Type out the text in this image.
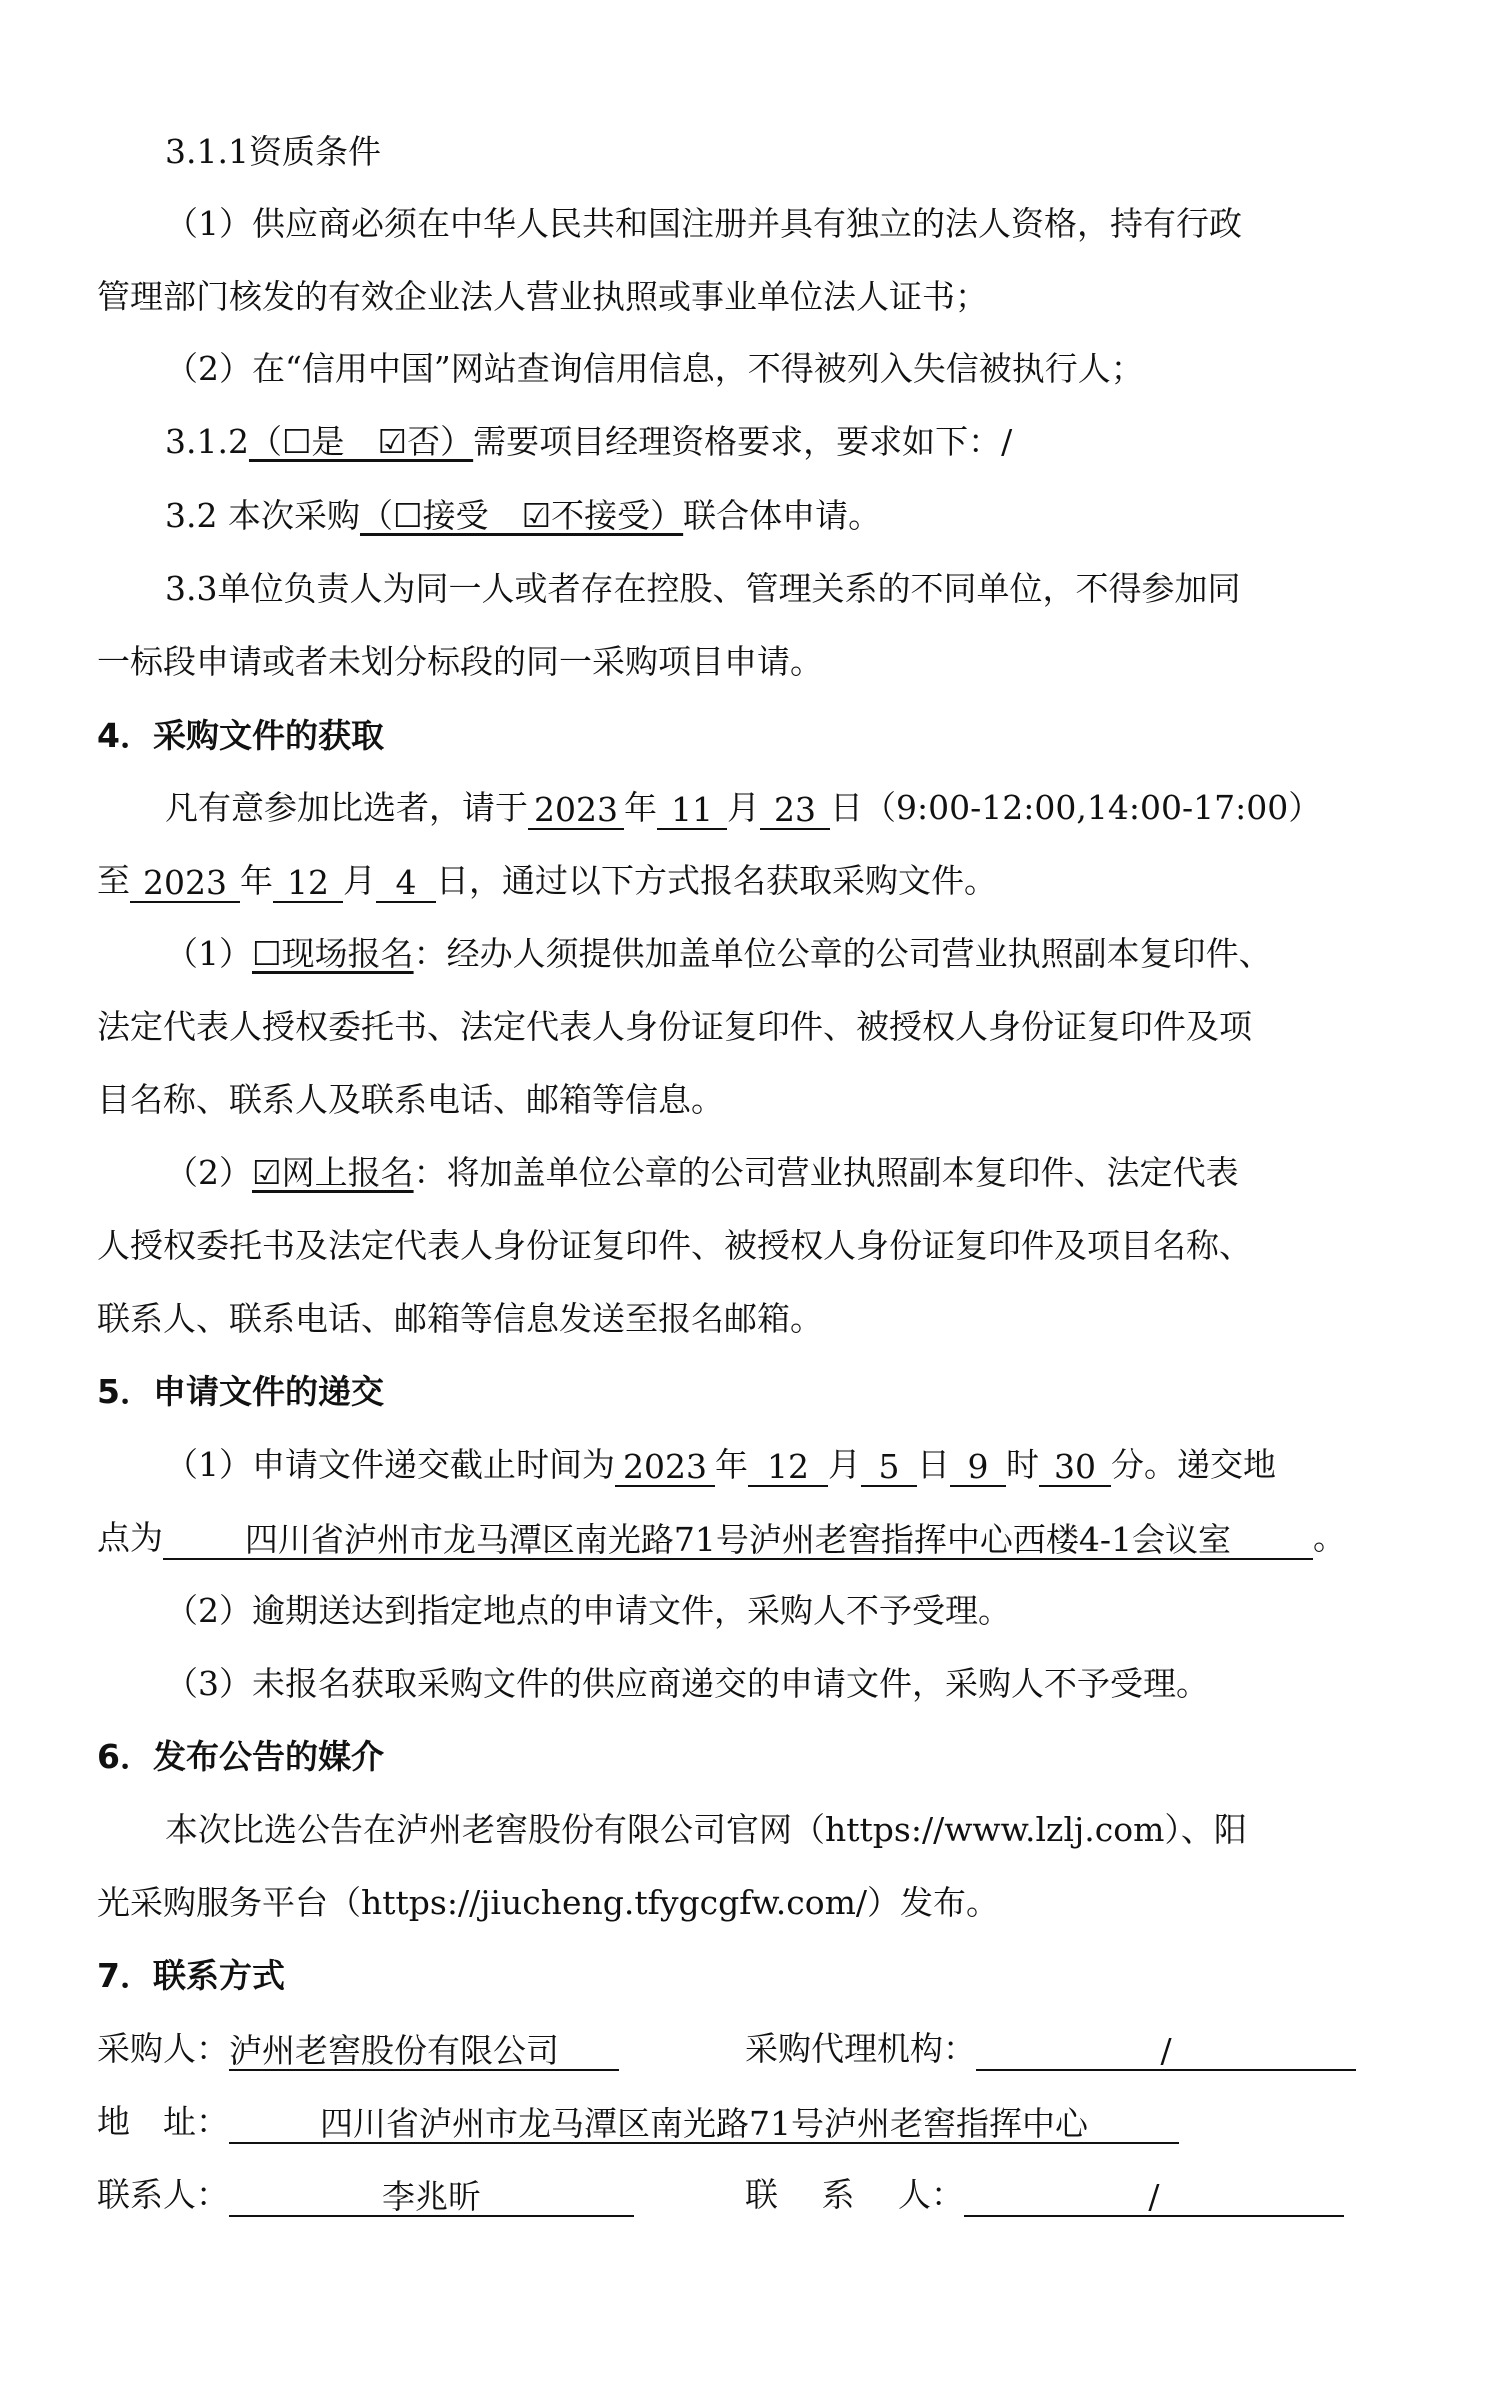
3.1.1资质条件
（1）供应商必须在中华人民共和国注册并具有独立的法人资格，持有行政
管理部门核发的有效企业法人营业执照或事业单位法人证书；
（2）在“信用中国”网站查询信用信息，不得被列入失信被执行人；
3.1.2（☐是　☑否）需要项目经理资格要求，要求如下：/
3.2 本次采购（☐接受　☑不接受）联合体申请。
3.3单位负责人为同一人或者存在控股、管理关系的不同单位，不得参加同
一标段申请或者未划分标段的同一采购项目申请。
4．采购文件的获取
凡有意参加比选者，请于 2023 年 11 月 23 日（9:00-12:00,14:00-17:00）
至 2023 年 12 月 4 日，通过以下方式报名获取采购文件。
（1）☐现场报名：经办人须提供加盖单位公章的公司营业执照副本复印件、
法定代表人授权委托书、法定代表人身份证复印件、被授权人身份证复印件及项
目名称、联系人及联系电话、邮箱等信息。
（2）☑网上报名：将加盖单位公章的公司营业执照副本复印件、法定代表
人授权委托书及法定代表人身份证复印件、被授权人身份证复印件及项目名称、
联系人、联系电话、邮箱等信息发送至报名邮箱。
5．申请文件的递交
（1）申请文件递交截止时间为 2023 年 12 月 5 日 9 时 30 分。递交地
点为 四川省泸州市龙马潭区南光路71号泸州老窖指挥中心西楼4-1会议室 。
（2）逾期送达到指定地点的申请文件，采购人不予受理。
（3）未报名获取采购文件的供应商递交的申请文件，采购人不予受理。
6．发布公告的媒介
本次比选公告在泸州老窖股份有限公司官网（https://www.lzlj.com）、阳
光采购服务平台（https://jiucheng.tfygcgfw.com/）发布。
7．联系方式
采购人：泸州老窖股份有限公司	采购代理机构：	/
地　址：	四川省泸州市龙马潭区南光路71号泸州老窖指挥中心
联系人：	李兆昕	联　 系　 人：	/
